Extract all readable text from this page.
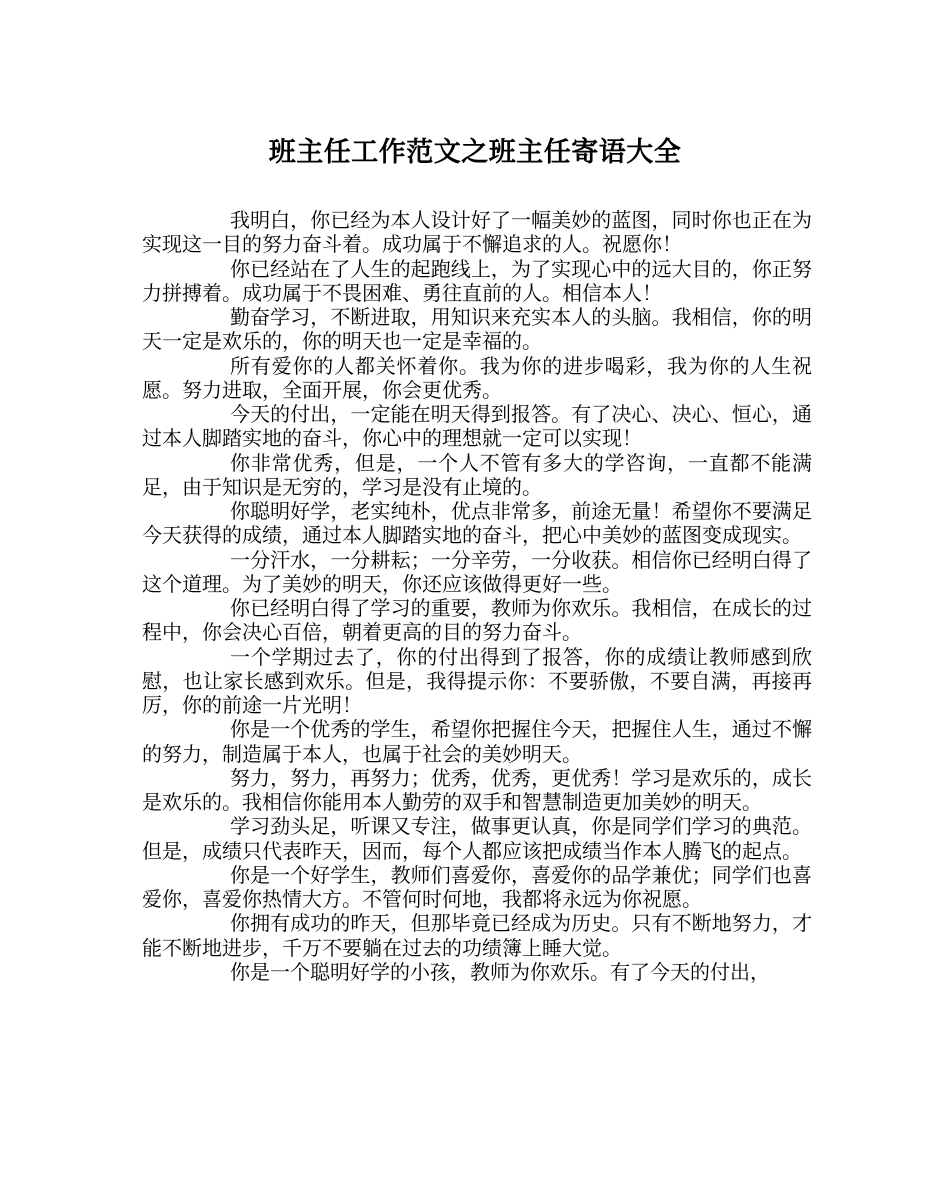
班主任工作范文之班主任寄语大全

我明白，你已经为本人设计好了一幅美妙的蓝图，同时你也正在为实现这一目的努力奋斗着。成功属于不懈追求的人。祝愿你！

你已经站在了人生的起跑线上，为了实现心中的远大目的，你正努力拼搏着。成功属于不畏困难、勇往直前的人。相信本人！

勤奋学习，不断进取，用知识来充实本人的头脑。我相信，你的明天一定是欢乐的，你的明天也一定是幸福的。

所有爱你的人都关怀着你。我为你的进步喝彩，我为你的人生祝愿。努力进取，全面开展，你会更优秀。

今天的付出，一定能在明天得到报答。有了决心、决心、恒心，通过本人脚踏实地的奋斗，你心中的理想就一定可以实现！

你非常优秀，但是，一个人不管有多大的学咨询，一直都不能满足，由于知识是无穷的，学习是没有止境的。

你聪明好学，老实纯朴，优点非常多，前途无量！希望你不要满足今天获得的成绩，通过本人脚踏实地的奋斗，把心中美妙的蓝图变成现实。

一分汗水，一分耕耘；一分辛劳，一分收获。相信你已经明白得了这个道理。为了美妙的明天，你还应该做得更好一些。

你已经明白得了学习的重要，教师为你欢乐。我相信，在成长的过程中，你会决心百倍，朝着更高的目的努力奋斗。

一个学期过去了，你的付出得到了报答，你的成绩让教师感到欣慰，也让家长感到欢乐。但是，我得提示你：不要骄傲，不要自满，再接再厉，你的前途一片光明！

你是一个优秀的学生，希望你把握住今天，把握住人生，通过不懈的努力，制造属于本人，也属于社会的美妙明天。

努力，努力，再努力；优秀，优秀，更优秀！学习是欢乐的，成长是欢乐的。我相信你能用本人勤劳的双手和智慧制造更加美妙的明天。

学习劲头足，听课又专注，做事更认真，你是同学们学习的典范。但是，成绩只代表昨天，因而，每个人都应该把成绩当作本人腾飞的起点。

你是一个好学生，教师们喜爱你，喜爱你的品学兼优；同学们也喜爱你，喜爱你热情大方。不管何时何地，我都将永远为你祝愿。

你拥有成功的昨天，但那毕竟已经成为历史。只有不断地努力，才能不断地进步，千万不要躺在过去的功绩簿上睡大觉。

你是一个聪明好学的小孩，教师为你欢乐。有了今天的付出，
